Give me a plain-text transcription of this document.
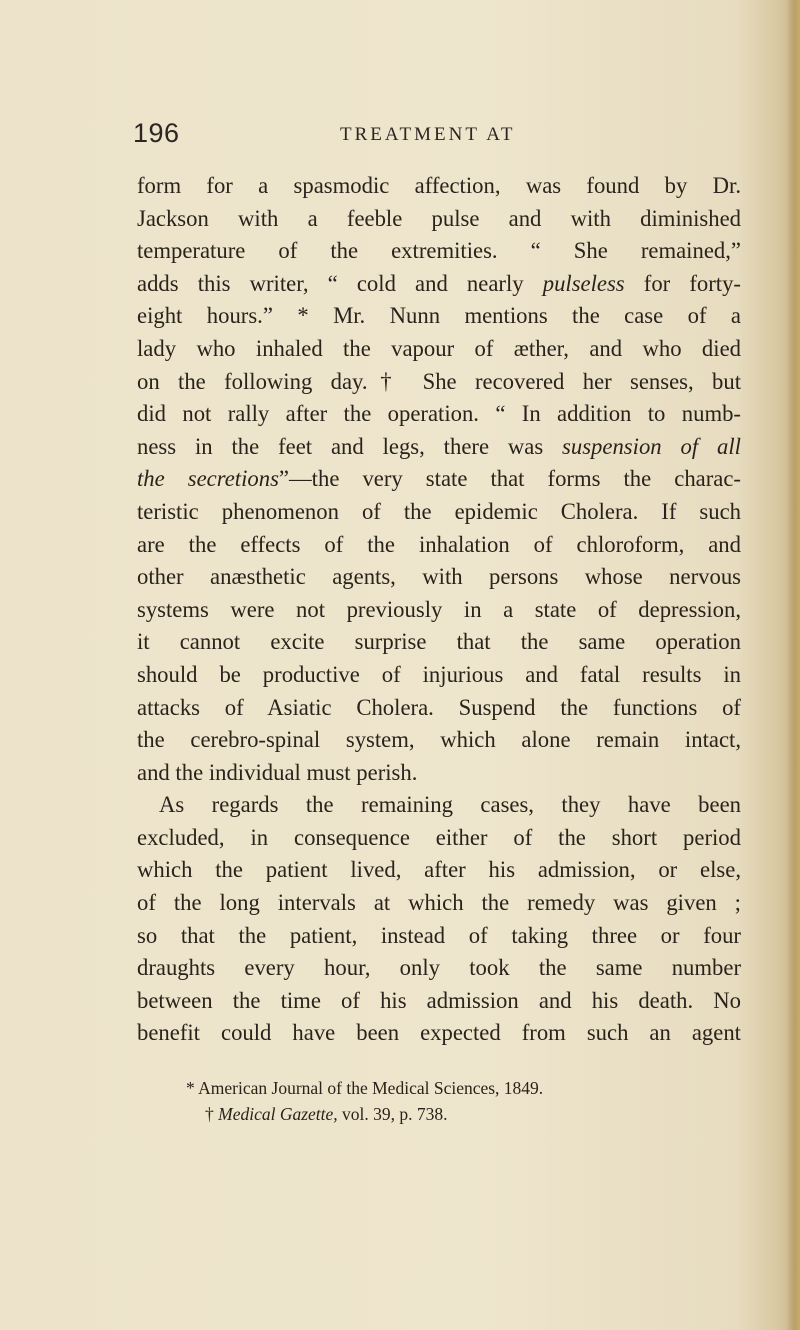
196	TREATMENT AT
form for a spasmodic affection, was found by Dr.
Jackson with a feeble pulse and with diminished
temperature of the extremities. “ She remained,”
adds this writer, “ cold and nearly pulseless for forty-
eight hours.” * Mr. Nunn mentions the case of a
lady who inhaled the vapour of æther, and who died
on the following day.† She recovered her senses, but
did not rally after the operation. “ In addition to numb-
ness in the feet and legs, there was suspension of all
the secretions”—the very state that forms the charac-
teristic phenomenon of the epidemic Cholera. If such
are the effects of the inhalation of chloroform, and
other anæsthetic agents, with persons whose nervous
systems were not previously in a state of depression,
it cannot excite surprise that the same operation
should be productive of injurious and fatal results in
attacks of Asiatic Cholera. Suspend the functions of
the cerebro-spinal system, which alone remain intact,
and the individual must perish.
As regards the remaining cases, they have been
excluded, in consequence either of the short period
which the patient lived, after his admission, or else,
of the long intervals at which the remedy was given ;
so that the patient, instead of taking three or four
draughts every hour, only took the same number
between the time of his admission and his death. No
benefit could have been expected from such an agent
* American Journal of the Medical Sciences, 1849.
† Medical Gazette, vol. 39, p. 738.
